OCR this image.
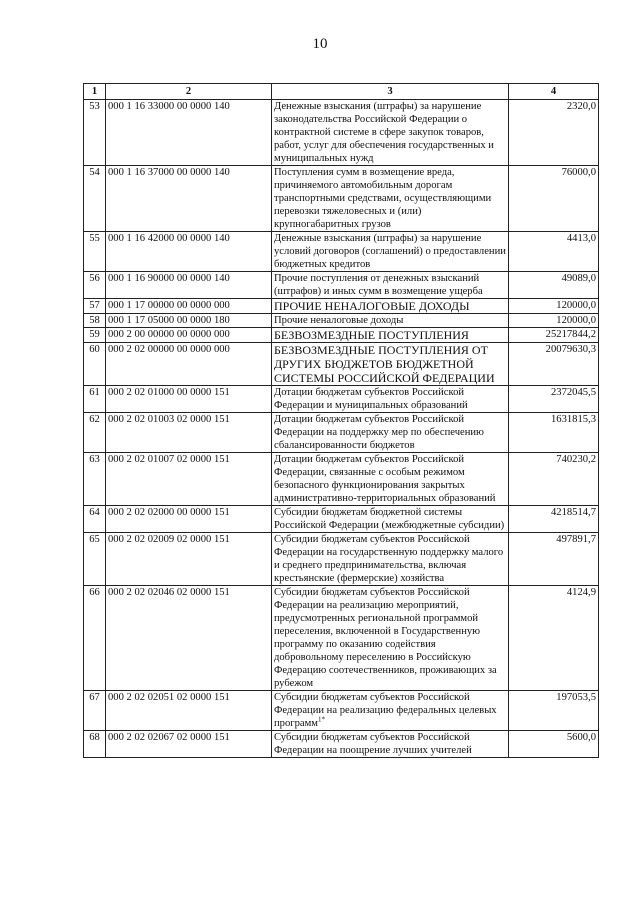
10
1	2	3	4
53	000 1 16 33000 00 0000 140	Денежные взыскания (штрафы) за нарушение законодательства Российской Федерации о контрактной системе в сфере закупок товаров, работ, услуг для обеспечения государственных и муниципальных нужд	2320,0
54	000 1 16 37000 00 0000 140	Поступления сумм в возмещение вреда, причиняемого автомобильным дорогам транспортными средствами, осуществляющими перевозки тяжеловесных и (или) крупногабаритных грузов	76000,0
55	000 1 16 42000 00 0000 140	Денежные взыскания (штрафы) за нарушение условий договоров (соглашений) о предоставлении бюджетных кредитов	4413,0
56	000 1 16 90000 00 0000 140	Прочие поступления от денежных взысканий (штрафов) и иных сумм в возмещение ущерба	49089,0
57	000 1 17 00000 00 0000 000	ПРОЧИЕ НЕНАЛОГОВЫЕ ДОХОДЫ	120000,0
58	000 1 17 05000 00 0000 180	Прочие неналоговые доходы	120000,0
59	000 2 00 00000 00 0000 000	БЕЗВОЗМЕЗДНЫЕ ПОСТУПЛЕНИЯ	25217844,2
60	000 2 02 00000 00 0000 000	БЕЗВОЗМЕЗДНЫЕ ПОСТУПЛЕНИЯ ОТ ДРУГИХ БЮДЖЕТОВ БЮДЖЕТНОЙ СИСТЕМЫ РОССИЙСКОЙ ФЕДЕРАЦИИ	20079630,3
61	000 2 02 01000 00 0000 151	Дотации бюджетам субъектов Российской Федерации и муниципальных образований	2372045,5
62	000 2 02 01003 02 0000 151	Дотации бюджетам субъектов Российской Федерации на поддержку мер по обеспечению сбалансированности бюджетов	1631815,3
63	000 2 02 01007 02 0000 151	Дотации бюджетам субъектов Российской Федерации, связанные с особым режимом безопасного функционирования закрытых административно-территориальных образований	740230,2
64	000 2 02 02000 00 0000 151	Субсидии бюджетам бюджетной системы Российской Федерации (межбюджетные субсидии)	4218514,7
65	000 2 02 02009 02 0000 151	Субсидии бюджетам субъектов Российской Федерации на государственную поддержку малого и среднего предпринимательства, включая крестьянские (фермерские) хозяйства	497891,7
66	000 2 02 02046 02 0000 151	Субсидии бюджетам субъектов Российской Федерации на реализацию мероприятий, предусмотренных региональной программой переселения, включенной в Государственную программу по оказанию содействия добровольному переселению в Российскую Федерацию соотечественников, проживающих за рубежом	4124,9
67	000 2 02 02051 02 0000 151	Субсидии бюджетам субъектов Российской Федерации на реализацию федеральных целевых программ$^{1*}$	197053,5
68	000 2 02 02067 02 0000 151	Субсидии бюджетам субъектов Российской Федерации на поощрение лучших учителей	5600,0
